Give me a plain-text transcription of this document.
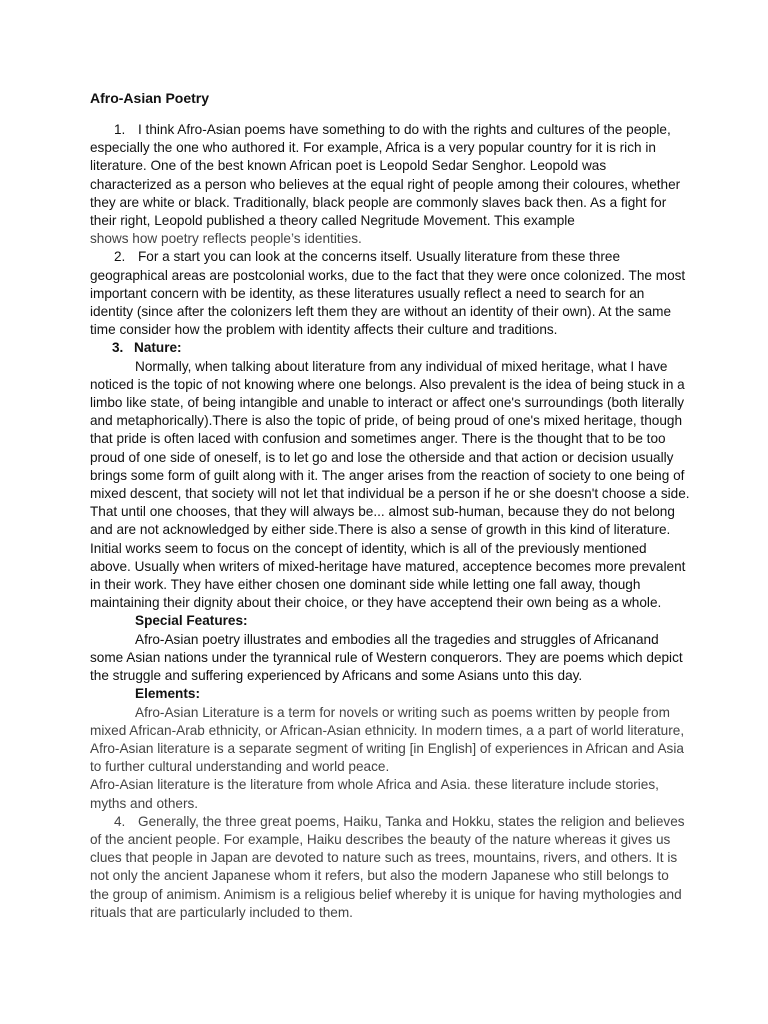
Afro-Asian Poetry

1. I think Afro-Asian poems have something to do with the rights and cultures of the people, especially the one who authored it. For example, Africa is a very popular country for it is rich in literature. One of the best known African poet is Leopold Sedar Senghor. Leopold was characterized as a person who believes at the equal right of people among their coloures, whether they are white or black. Traditionally, black people are commonly slaves back then. As a fight for their right, Leopold published a theory called Negritude Movement. This example
shows how poetry reflects people’s identities.

2. For a start you can look at the concerns itself. Usually literature from these three geographical areas are postcolonial works, due to the fact that they were once colonized. The most important concern with be identity, as these literatures usually reflect a need to search for an identity (since after the colonizers left them they are without an identity of their own). At the same time consider how the problem with identity affects their culture and traditions.

3. Nature:

Normally, when talking about literature from any individual of mixed heritage, what I have noticed is the topic of not knowing where one belongs. Also prevalent is the idea of being stuck in a limbo like state, of being intangible and unable to interact or affect one's surroundings (both literally and metaphorically).There is also the topic of pride, of being proud of one's mixed heritage, though that pride is often laced with confusion and sometimes anger. There is the thought that to be too proud of one side of oneself, is to let go and lose the otherside and that action or decision usually brings some form of guilt along with it. The anger arises from the reaction of society to one being of mixed descent, that society will not let that individual be a person if he or she doesn't choose a side. That until one chooses, that they will always be... almost sub-human, because they do not belong and are not acknowledged by either side.There is also a sense of growth in this kind of literature. Initial works seem to focus on the concept of identity, which is all of the previously mentioned above. Usually when writers of mixed-heritage have matured, acceptence becomes more prevalent in their work. They have either chosen one dominant side while letting one fall away, though maintaining their dignity about their choice, or they have acceptend their own being as a whole.

Special Features:

Afro-Asian poetry illustrates and embodies all the tragedies and struggles of Africanand some Asian nations under the tyrannical rule of Western conquerors. They are poems which depict the struggle and suffering experienced by Africans and some Asians unto this day.

Elements:

Afro-Asian Literature is a term for novels or writing such as poems written by people from mixed African-Arab ethnicity, or African-Asian ethnicity. In modern times, a a part of world literature, Afro-Asian literature is a separate segment of writing [in English] of experiences in African and Asia to further cultural understanding and world peace.

Afro-Asian literature is the literature from whole Africa and Asia. these literature include stories, myths and others.

4. Generally, the three great poems, Haiku, Tanka and Hokku, states the religion and believes of the ancient people. For example, Haiku describes the beauty of the nature whereas it gives us clues that people in Japan are devoted to nature such as trees, mountains, rivers, and others. It is not only the ancient Japanese whom it refers, but also the modern Japanese who still belongs to the group of animism. Animism is a religious belief whereby it is unique for having mythologies and rituals that are particularly included to them.
